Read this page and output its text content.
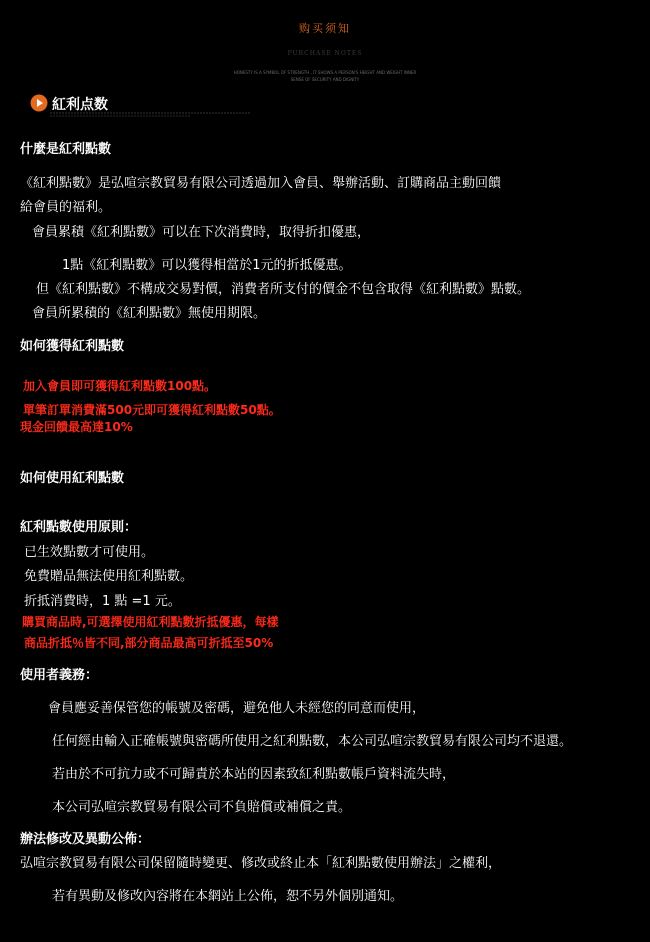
购买须知
PURCHASE NOTES
HONESTY IS A SYMBOL OF STRENGTH , IT SHOWS A PERSON'S HEIGHT AND WEIGHT INNER
SENSE OF SECURITY AND DIGNITY
紅利点数
什麼是紅利點數
《紅利點數》是弘喧宗教貿易有限公司透過加入會員、舉辦活動、訂購商品主動回饋
給會員的福利。
會員累積《紅利點數》可以在下次消費時，取得折扣優惠，
1點《紅利點數》可以獲得相當於1元的折抵優惠。
但《紅利點數》不構成交易對價，消費者所支付的價金不包含取得《紅利點數》點數。
會員所累積的《紅利點數》無使用期限。
如何獲得紅利點數
加入會員即可獲得紅利點數100點。
單筆訂單消費滿500元即可獲得紅利點數50點。
現金回饋最高達10%
如何使用紅利點數
紅利點數使用原則：
已生效點數才可使用。
免費贈品無法使用紅利點數。
折抵消費時，1 點 =1 元。
購買商品時,可選擇使用紅利點數折抵優惠，每樣
商品折抵％皆不同,部分商品最高可折抵至50%
使用者義務：
會員應妥善保管您的帳號及密碼，避免他人未經您的同意而使用，
任何經由輸入正確帳號與密碼所使用之紅利點數，本公司弘喧宗教貿易有限公司均不退還。
若由於不可抗力或不可歸責於本站的因素致紅利點數帳戶資料流失時，
本公司弘喧宗教貿易有限公司不負賠償或補償之責。
辦法修改及異動公佈：
弘喧宗教貿易有限公司保留隨時變更、修改或終止本「紅利點數使用辦法」之權利，
若有異動及修改內容將在本網站上公佈，恕不另外個別通知。
